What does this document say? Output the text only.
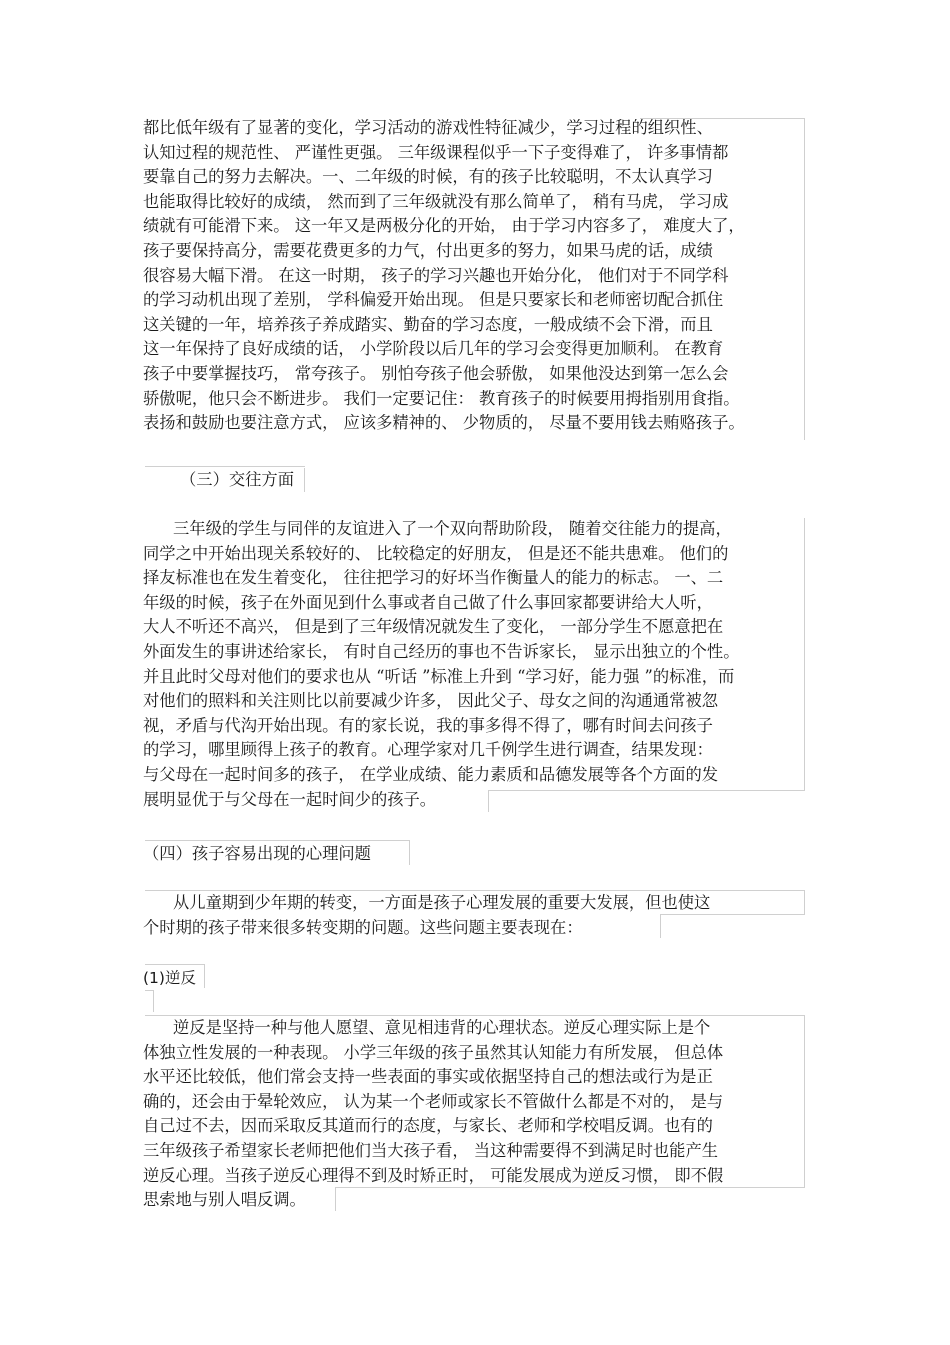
都比低年级有了显著的变化，学习活动的游戏性特征减少，学习过程的组织性、
认知过程的规范性、 严谨性更强。 三年级课程似乎一下子变得难了， 许多事情都
要靠自己的努力去解决。一、二年级的时候，有的孩子比较聪明，不太认真学习
也能取得比较好的成绩， 然而到了三年级就没有那么简单了， 稍有马虎， 学习成
绩就有可能滑下来。 这一年又是两极分化的开始， 由于学习内容多了， 难度大了，
孩子要保持高分，需要花费更多的力气，付出更多的努力，如果马虎的话，成绩
很容易大幅下滑。 在这一时期， 孩子的学习兴趣也开始分化， 他们对于不同学科
的学习动机出现了差别， 学科偏爱开始出现。 但是只要家长和老师密切配合抓住
这关键的一年，培养孩子养成踏实、勤奋的学习态度，一般成绩不会下滑，而且
这一年保持了良好成绩的话， 小学阶段以后几年的学习会变得更加顺利。 在教育
孩子中要掌握技巧， 常夸孩子。 别怕夸孩子他会骄傲， 如果他没达到第一怎么会
骄傲呢，他只会不断进步。 我们一定要记住： 教育孩子的时候要用拇指别用食指。
表扬和鼓励也要注意方式， 应该多精神的、 少物质的， 尽量不要用钱去贿赂孩子。
（三）交往方面
三年级的学生与同伴的友谊进入了一个双向帮助阶段， 随着交往能力的提高，
同学之中开始出现关系较好的、 比较稳定的好朋友， 但是还不能共患难。 他们的
择友标准也在发生着变化， 往往把学习的好坏当作衡量人的能力的标志。 一、二
年级的时候，孩子在外面见到什么事或者自己做了什么事回家都要讲给大人听，
大人不听还不高兴， 但是到了三年级情况就发生了变化， 一部分学生不愿意把在
外面发生的事讲述给家长， 有时自己经历的事也不告诉家长， 显示出独立的个性。
并且此时父母对他们的要求也从 “听话 ”标准上升到 “学习好，能力强 ”的标准，而
对他们的照料和关注则比以前要减少许多， 因此父子、母女之间的沟通通常被忽
视，矛盾与代沟开始出现。有的家长说，我的事多得不得了，哪有时间去问孩子
的学习，哪里顾得上孩子的教育。心理学家对几千例学生进行调查，结果发现：
与父母在一起时间多的孩子， 在学业成绩、能力素质和品德发展等各个方面的发
展明显优于与父母在一起时间少的孩子。
（四）孩子容易出现的心理问题
从儿童期到少年期的转变，一方面是孩子心理发展的重要大发展，但也使这
个时期的孩子带来很多转变期的问题。这些问题主要表现在：
(1)逆反
逆反是坚持一种与他人愿望、意见相违背的心理状态。逆反心理实际上是个
体独立性发展的一种表现。 小学三年级的孩子虽然其认知能力有所发展， 但总体
水平还比较低，他们常会支持一些表面的事实或依据坚持自己的想法或行为是正
确的，还会由于晕轮效应， 认为某一个老师或家长不管做什么都是不对的， 是与
自己过不去，因而采取反其道而行的态度，与家长、老师和学校唱反调。也有的
三年级孩子希望家长老师把他们当大孩子看， 当这种需要得不到满足时也能产生
逆反心理。当孩子逆反心理得不到及时矫正时， 可能发展成为逆反习惯， 即不假
思索地与别人唱反调。
